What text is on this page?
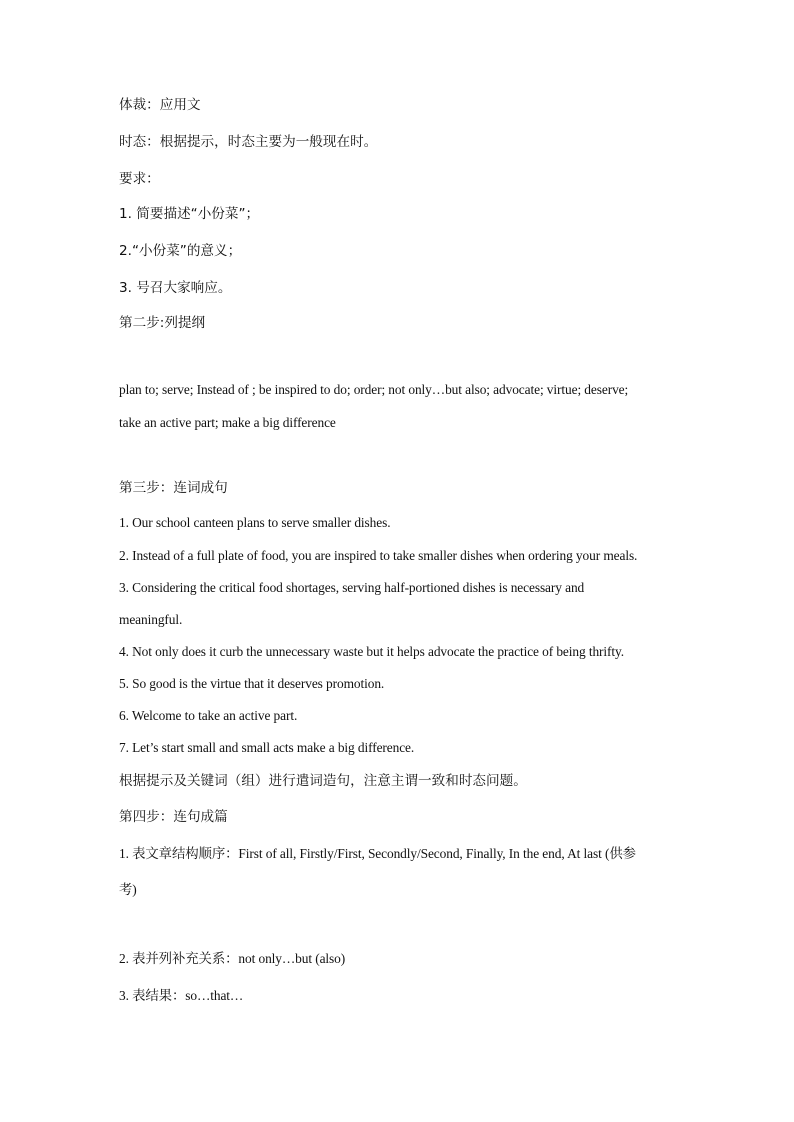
体裁：应用文
时态：根据提示，时态主要为一般现在时。
要求：
1. 简要描述“小份菜”；
2.“小份菜”的意义；
3. 号召大家响应。
第二步:列提纲
plan to; serve; Instead of ; be inspired to do; order; not only…but also; advocate; virtue; deserve;
take an active part; make a big difference
第三步：连词成句
1. Our school canteen plans to serve smaller dishes.
2. Instead of a full plate of food, you are inspired to take smaller dishes when ordering your meals.
3. Considering the critical food shortages, serving half-portioned dishes is necessary and
meaningful.
4. Not only does it curb the unnecessary waste but it helps advocate the practice of being thrifty.
5. So good is the virtue that it deserves promotion.
6. Welcome to take an active part.
7. Let’s start small and small acts make a big difference.
根据提示及关键词（组）进行遣词造句，注意主谓一致和时态问题。
第四步：连句成篇
1. 表文章结构顺序：First of all, Firstly/First, Secondly/Second, Finally, In the end, At last (供参
考)
2. 表并列补充关系：not only…but (also)
3. 表结果：so…that…
